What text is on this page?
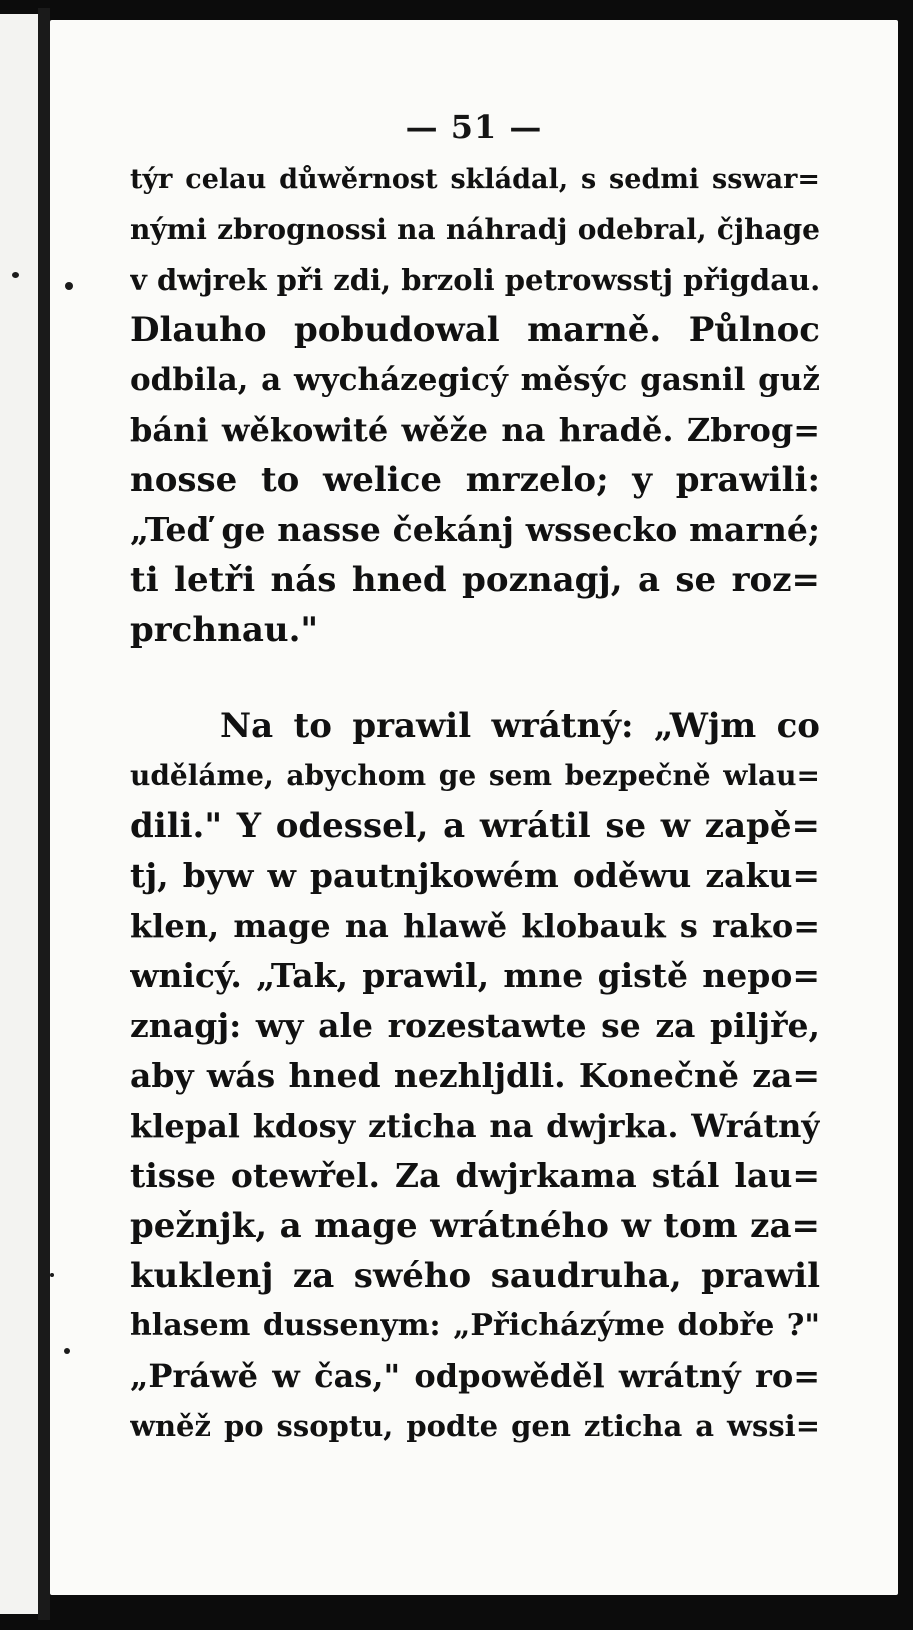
— 51 —
týr celau důwěrnost skládal, s sedmi sswar=
nými zbrognossi na náhradj odebral, čjhage
v dwjrek při zdi, brzoli petrowsstj přigdau.
Dlauho pobudowal marně. Půlnoc
odbila, a wycházegicý měsýc gasnil guž
báni wěkowité wěže na hradě. Zbrog=
nosse to welice mrzelo; y prawili:
„Teď ge nasse čekánj wssecko marné;
ti letři nás hned poznagj, a se roz=
prchnau."
Na to prawil wrátný: „Wjm co
uděláme, abychom ge sem bezpečně wlau=
dili." Y odessel, a wrátil se w zapě=
tj, byw w pautnjkowém oděwu zaku=
klen, mage na hlawě klobauk s rako=
wnicý. „Tak, prawil, mne gistě nepo=
znagj: wy ale rozestawte se za piljře,
aby wás hned nezhljdli. Konečně za=
klepal kdosy zticha na dwjrka. Wrátný
tisse otewřel. Za dwjrkama stál lau=
pežnjk, a mage wrátného w tom za=
kuklenj za swého saudruha, prawil
hlasem dussenym: „Přicházýme dobře ?"
„Práwě w čas," odpowěděl wrátný ro=
wněž po ssoptu, podte gen zticha a wssi=
